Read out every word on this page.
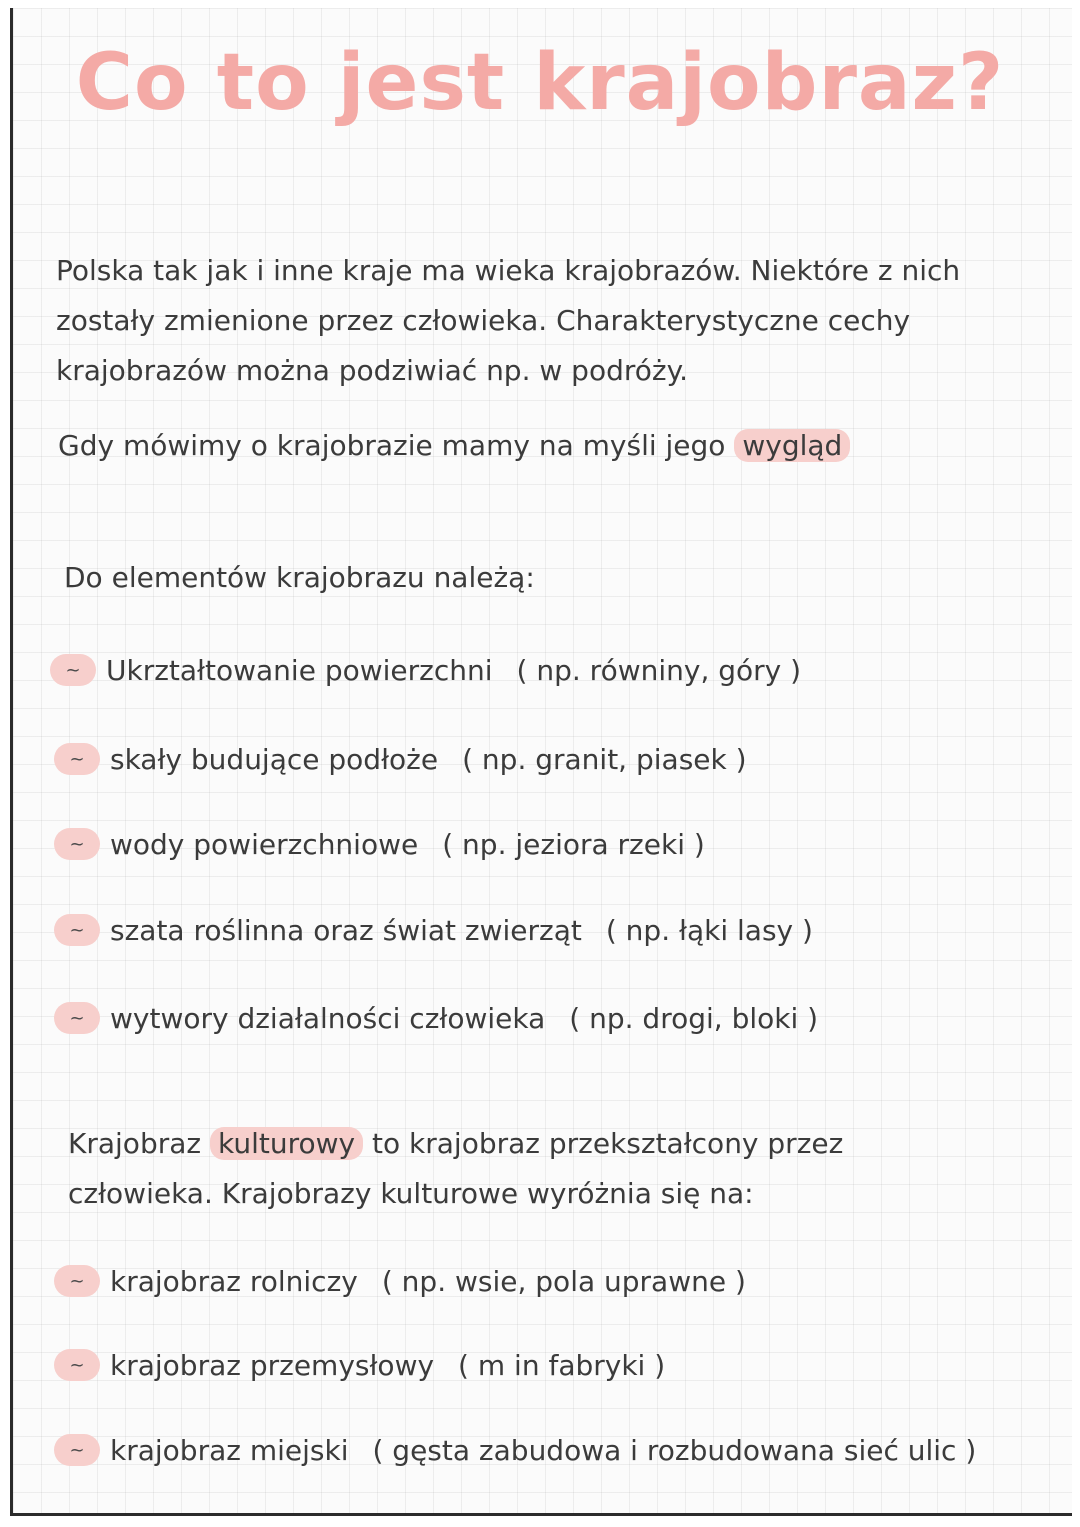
Co to jest krajobraz?

Polska tak jak i inne kraje ma wieka krajobrazów. Niektóre z nich
zostały zmienione przez człowieka. Charakterystyczne cechy
krajobrazów można podziwiać np. w podróży.

Gdy mówimy o krajobrazie mamy na myśli jego wygląd

Do elementów krajobrazu należą:

~ Ukrztałtowanie powierzchni ( np. równiny, góry )
~ skały budujące podłoże ( np. granit, piasek )
~ wody powierzchniowe ( np. jeziora rzeki )
~ szata roślinna oraz świat zwierząt ( np. łąki lasy )
~ wytwory działalności człowieka ( np. drogi, bloki )

Krajobraz kulturowy to krajobraz przekształcony przez
człowieka. Krajobrazy kulturowe wyróżnia się na:

~ krajobraz rolniczy ( np. wsie, pola uprawne )
~ krajobraz przemysłowy ( m in fabryki )
~ krajobraz miejski ( gęsta zabudowa i rozbudowana sieć ulic )
